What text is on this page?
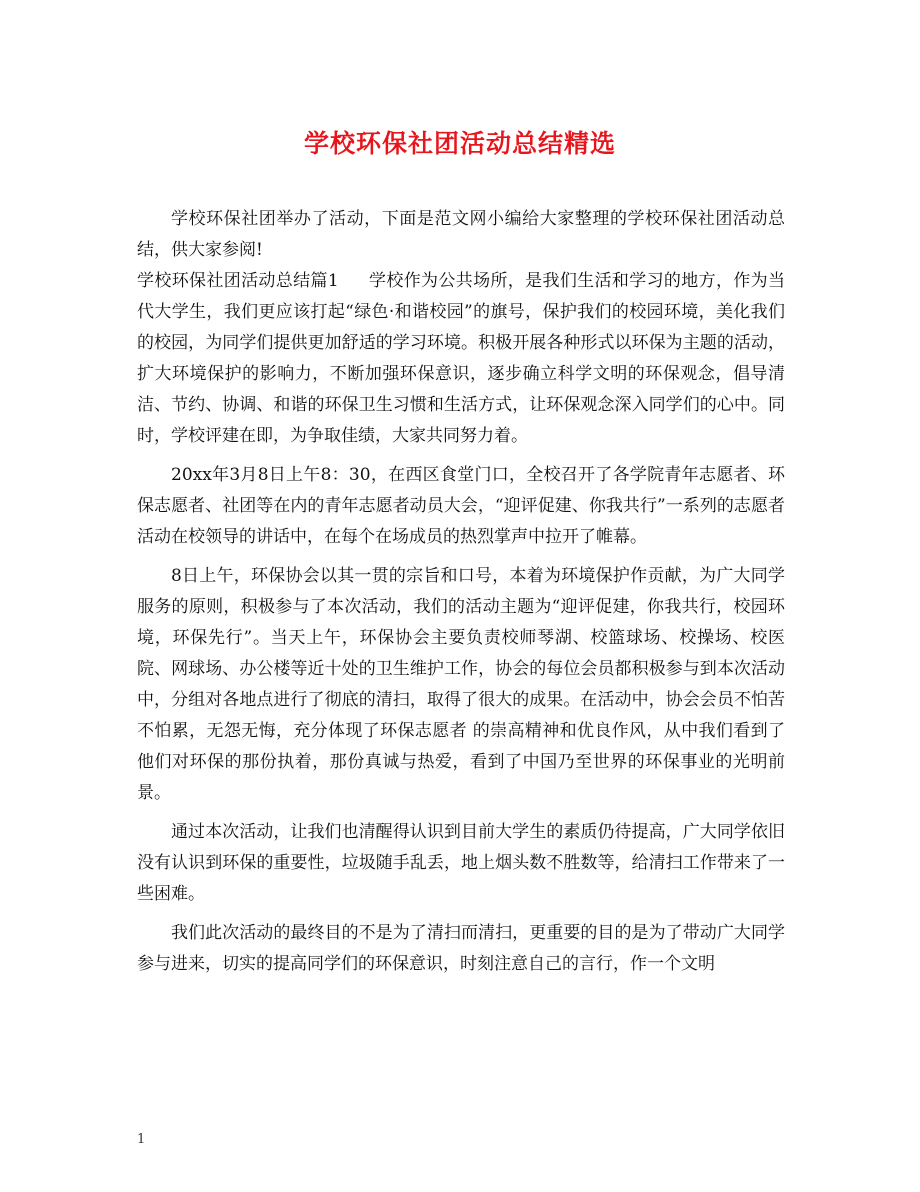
学校环保社团活动总结精选

学校环保社团举办了活动，下面是范文网小编给大家整理的学校环保社团活动总结，供大家参阅!

学校环保社团活动总结篇1 学校作为公共场所，是我们生活和学习的地方，作为当代大学生，我们更应该打起“绿色·和谐校园”的旗号，保护我们的校园环境，美化我们的校园，为同学们提供更加舒适的学习环境。积极开展各种形式以环保为主题的活动，扩大环境保护的影响力，不断加强环保意识，逐步确立科学文明的环保观念，倡导清洁、节约、协调、和谐的环保卫生习惯和生活方式，让环保观念深入同学们的心中。同时，学校评建在即，为争取佳绩，大家共同努力着。

20xx年3月8日上午8：30，在西区食堂门口，全校召开了各学院青年志愿者、环保志愿者、社团等在内的青年志愿者动员大会，“迎评促建、你我共行”一系列的志愿者活动在校领导的讲话中，在每个在场成员的热烈掌声中拉开了帷幕。

8日上午，环保协会以其一贯的宗旨和口号，本着为环境保护作贡献，为广大同学服务的原则，积极参与了本次活动，我们的活动主题为“迎评促建，你我共行，校园环境，环保先行”。当天上午，环保协会主要负责校师琴湖、校篮球场、校操场、校医院、网球场、办公楼等近十处的卫生维护工作，协会的每位会员都积极参与到本次活动中，分组对各地点进行了彻底的清扫，取得了很大的成果。在活动中，协会会员不怕苦不怕累，无怨无悔，充分体现了环保志愿者 的崇高精神和优良作风，从中我们看到了他们对环保的那份执着，那份真诚与热爱，看到了中国乃至世界的环保事业的光明前景。

通过本次活动，让我们也清醒得认识到目前大学生的素质仍待提高，广大同学依旧没有认识到环保的重要性，垃圾随手乱丢，地上烟头数不胜数等，给清扫工作带来了一些困难。

我们此次活动的最终目的不是为了清扫而清扫，更重要的目的是为了带动广大同学参与进来，切实的提高同学们的环保意识，时刻注意自己的言行，作一个文明

1
